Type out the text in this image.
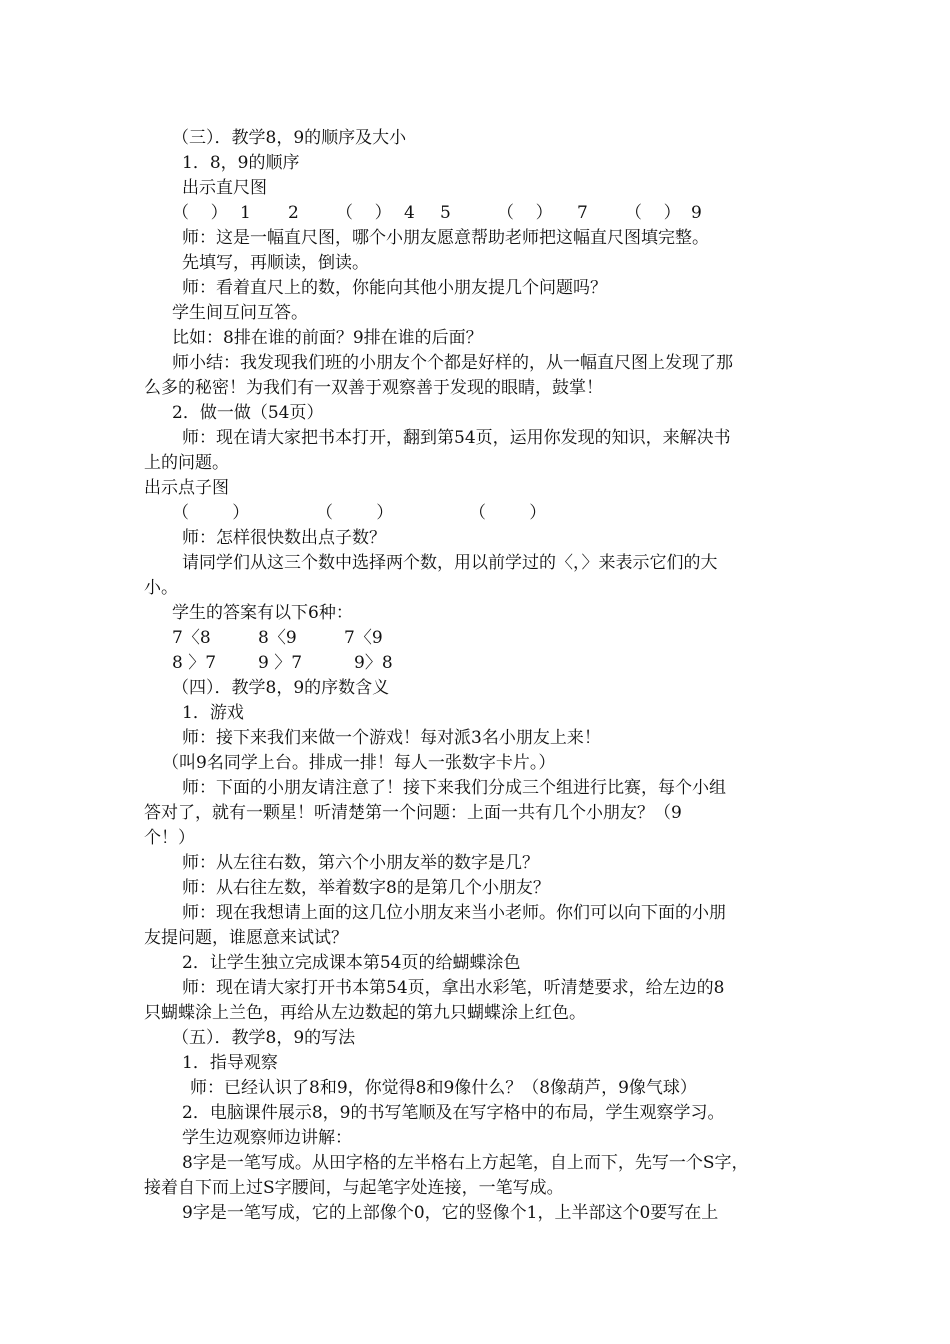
（三）．教学8，9的顺序及大小
1．8，9的顺序
出示直尺图
（    ） 1 2 （    ） 4 5	（    ） 7 （    ） 9
师：这是一幅直尺图，哪个小朋友愿意帮助老师把这幅直尺图填完整。
先填写，再顺读，倒读。
师：看着直尺上的数，你能向其他小朋友提几个问题吗？
学生间互问互答。
比如：8排在谁的前面？9排在谁的后面？
师小结：我发现我们班的小朋友个个都是好样的，从一幅直尺图上发现了那
么多的秘密！为我们有一双善于观察善于发现的眼睛，鼓掌！
2．做一做（54页）
师：现在请大家把书本打开，翻到第54页，运用你发现的知识，来解决书
上的问题。
出示点子图
（        ）	（        ）	（        ）
师：怎样很快数出点子数？
请同学们从这三个数中选择两个数，用以前学过的〈，〉来表示它们的大
小。
学生的答案有以下6种：
7〈8	8〈9	7〈9
8 〉7 9 〉7	9〉8
（四）．教学8，9的序数含义
1．游戏
师：接下来我们来做一个游戏！每对派3名小朋友上来！
（叫9名同学上台。排成一排！每人一张数字卡片。）
师：下面的小朋友请注意了！接下来我们分成三个组进行比赛，每个小组
答对了，就有一颗星！听清楚第一个问题：上面一共有几个小朋友？（9
个！）
师：从左往右数，第六个小朋友举的数字是几？
师：从右往左数，举着数字8的是第几个小朋友？
师：现在我想请上面的这几位小朋友来当小老师。你们可以向下面的小朋
友提问题，谁愿意来试试？
2．让学生独立完成课本第54页的给蝴蝶涂色
师：现在请大家打开书本第54页，拿出水彩笔，听清楚要求，给左边的8
只蝴蝶涂上兰色，再给从左边数起的第九只蝴蝶涂上红色。
（五）．教学8，9的写法
1．指导观察
师：已经认识了8和9，你觉得8和9像什么？（8像葫芦，9像气球）
2．电脑课件展示8，9的书写笔顺及在写字格中的布局，学生观察学习。
学生边观察师边讲解：
8字是一笔写成。从田字格的左半格右上方起笔，自上而下，先写一个S字，
接着自下而上过S字腰间，与起笔字处连接，一笔写成。
9字是一笔写成，它的上部像个0，它的竖像个1，上半部这个0要写在上
